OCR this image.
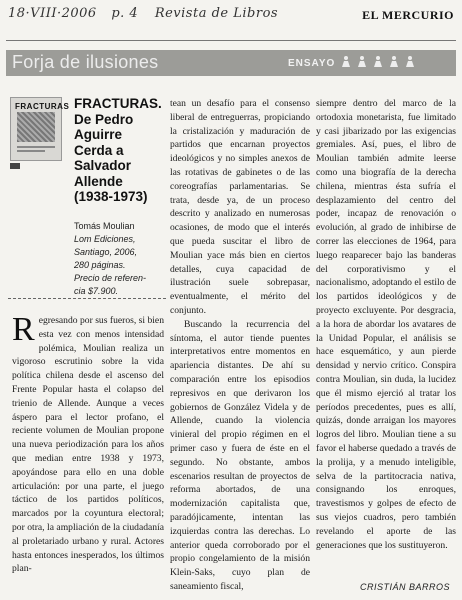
18·VIII·2006 p. 4 Revista de Libros	EL MERCURIO
Forja de ilusiones	ENSAYO
FRACTURAS FRACTURAS.
De Pedro
Aguirre
Cerda a
Salvador
Allende
(1938-1973)
Tomás Moulian
Lom Ediciones,
Santiago, 2006,
280 páginas.
Precio de referen-
cia $7.900.
R egresando por sus fueros, si bien esta vez con menos intensidad polémica, Moulian realiza un vigoroso escrutinio sobre la vida política chilena desde el ascenso del Frente Popular hasta el colapso del trienio de Allende. Aunque a veces áspero para el lector profano, el reciente volumen de Moulian propone una nueva periodización para los años que median entre 1938 y 1973, apoyándose para ello en una doble articulación: por una parte, el juego táctico de los partidos políticos, marcados por la coyuntura electoral; por otra, la ampliación de la ciudadanía al proletariado urbano y rural. Actores hasta entonces inesperados, los últimos plan-
tean un desafío para el consenso liberal de entreguerras, propiciando la cristalización y maduración de partidos que encarnan proyectos ideológicos y no simples anexos de las rotativas de gabinetes o de las coreografías parlamentarias. Se trata, desde ya, de un proceso descrito y analizado en numerosas ocasiones, de modo que el interés que pueda suscitar el libro de Moulian yace más bien en ciertos detalles, cuya capacidad de ilustración suele sobrepasar, eventualmente, el mérito del conjunto.
Buscando la recurrencia del síntoma, el autor tiende puentes interpretativos entre momentos en apariencia distantes. De ahí su comparación entre los episodios represivos en que derivaron los gobiernos de González Videla y de Allende, cuando la violencia vinieral del propio régimen en el primer caso y fuera de éste en el segundo. No obstante, ambos escenarios resultan de proyectos de reforma abortados, de una modernización capitalista que, paradójicamente, intentan las izquierdas contra las derechas. Lo anterior queda corroborado por el propio congelamiento de la misión Klein-Saks, cuyo plan de saneamiento fiscal,
siempre dentro del marco de la ortodoxia monetarista, fue limitado y casi jibarizado por las exigencias gremiales. Así, pues, el libro de Moulian también admite leerse como una biografía de la derecha chilena, mientras ésta sufría el desplazamiento del centro del poder, incapaz de renovación o evolución, al grado de inhibirse de correr las elecciones de 1964, para luego reaparecer bajo las banderas del corporativismo y el nacionalismo, adoptando el estilo de los partidos ideológicos y de proyecto excluyente. Por desgracia, a la hora de abordar los avatares de la Unidad Popular, el análisis se hace esquemático, y aun pierde densidad y nervio crítico. Conspira contra Moulian, sin duda, la lucidez que él mismo ejerció al tratar los períodos precedentes, pues es allí, quizás, donde arraigan los mayores logros del libro. Moulian tiene a su favor el haberse quedado a través de la prolija, y a menudo inteligible, selva de la partitocracia nativa, consignando los enroques, travestismos y golpes de efecto de sus viejos cuadros, pero también revelando el aporte de las generaciones que los sustituyeron.
CRISTIÁN BARROS
